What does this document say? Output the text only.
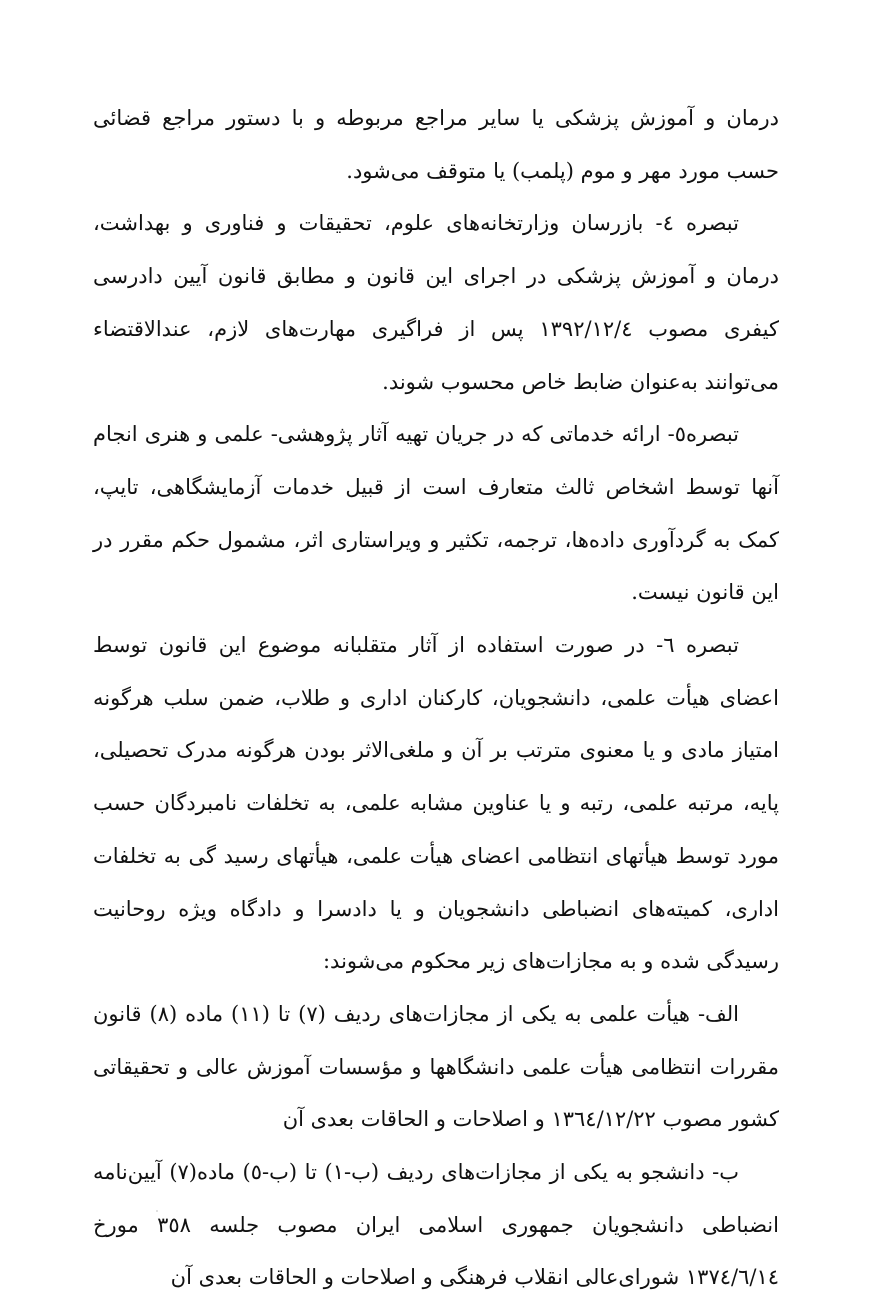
درمان و آموزش پزشکی یا سایر مراجع مربوطه و با دستور مراجع قضائی حسب مورد مهر و موم (پلمب) یا متوقف می‌شود.

تبصره ٤- بازرسان وزارتخانه‌های علوم، تحقیقات و فناوری و بهداشت، درمان و آموزش پزشکی در اجرای این قانون و مطابق قانون آیین دادرسی کیفری مصوب ١٣٩٢/١٢/٤ پس از فراگیری مهارت‌های لازم، عندالاقتضاء می‌توانند به‌عنوان ضابط خاص محسوب شوند.

تبصره٥- ارائه خدماتی که در جریان تهیه آثار پژوهشی- علمی و هنری انجام آنها توسط اشخاص ثالث متعارف است از قبیل خدمات آزمایشگاهی، تایپ، کمک به گردآوری داده‌ها، ترجمه، تکثیر و ویراستاری اثر، مشمول حکم مقرر در این قانون نیست.

تبصره ٦- در صورت استفاده از آثار متقلبانه موضوع این قانون توسط اعضای هیأت علمی، دانشجویان، کارکنان اداری و طلاب، ضمن سلب هرگونه امتیاز مادی و یا معنوی مترتب بر آن و ملغی‌الاثر بودن هرگونه مدرک تحصیلی، پایه، مرتبه علمی، رتبه و یا عناوین مشابه علمی، به تخلفات نامبردگان حسب مورد توسط هیأتهای انتظامی اعضای هیأت علمی، هیأتهای رسید گی به تخلفات اداری، کمیته‌های انضباطی دانشجویان و یا دادسرا و دادگاه ویژه روحانیت رسیدگی شده و به مجازات‌های زیر محکوم می‌شوند:

الف- هیأت علمی به یکی از مجازات‌های ردیف (٧) تا (١١) ماده (٨) قانون مقررات انتظامی هیأت علمی دانشگاهها و مؤسسات آموزش عالی و تحقیقاتی کشور مصوب ١٣٦٤/١٢/٢٢ و اصلاحات و الحاقات بعدی آن

ب- دانشجو به یکی از مجازات‌های ردیف (ب-١) تا (ب-٥) ماده(٧) آیین‌نامه انضباطی دانشجویان جمهوری اسلامی ایران مصوب جلسه ٣٥٨ مورخ ١٣٧٤/٦/١٤ شورای‌عالی انقلاب فرهنگی و اصلاحات و الحاقات بعدی آن
